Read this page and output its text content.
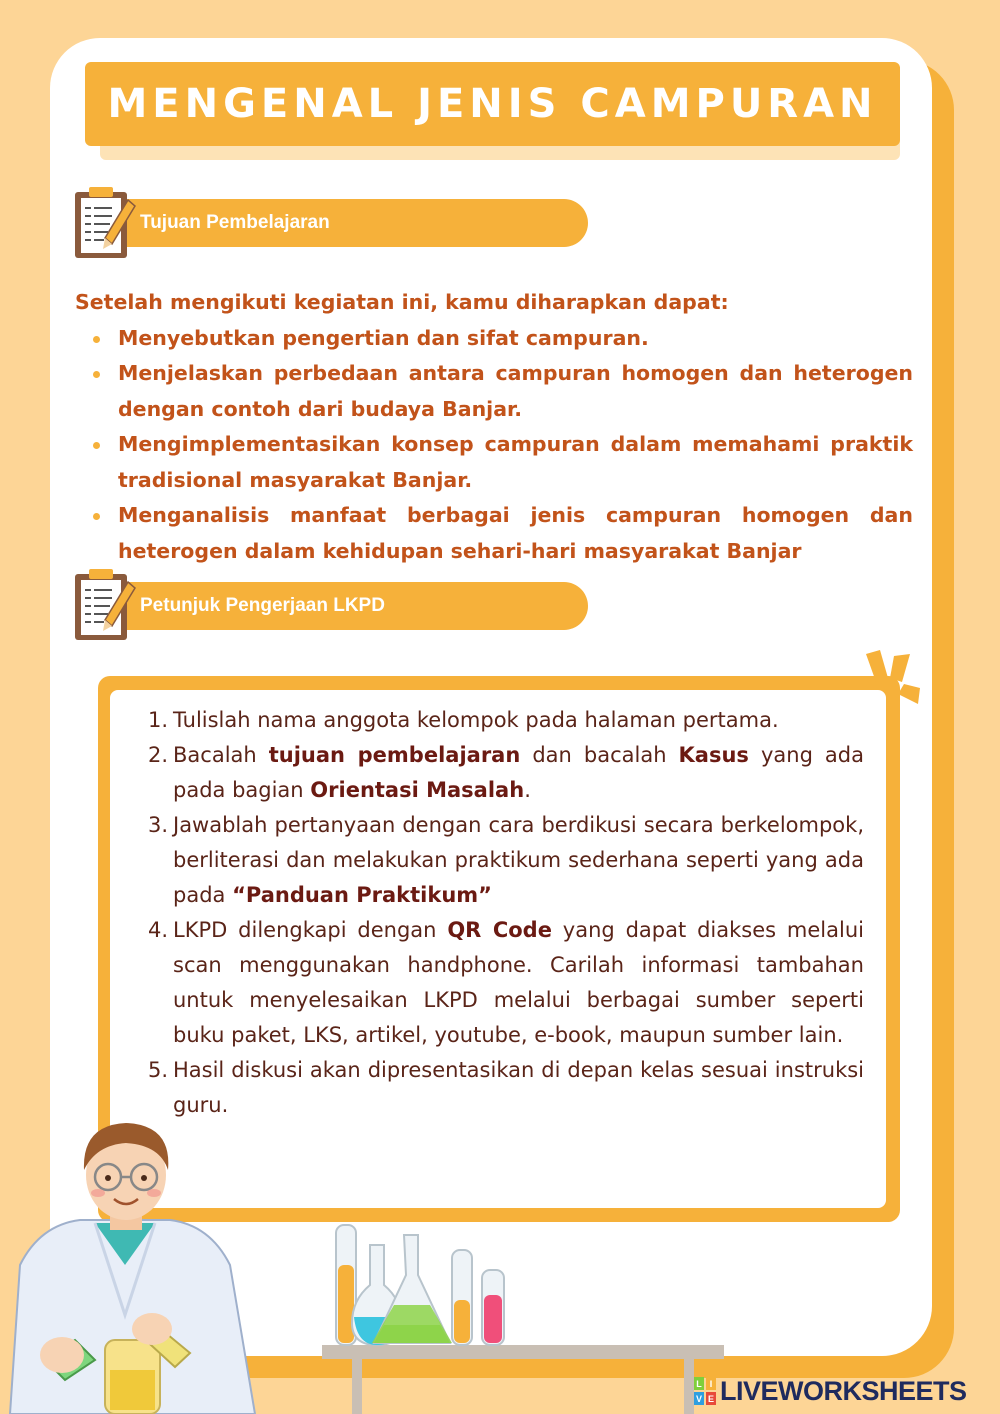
MENGENAL JENIS CAMPURAN
Tujuan Pembelajaran

Setelah mengikuti kegiatan ini, kamu diharapkan dapat:

Menyebutkan pengertian dan sifat campuran.
Menjelaskan perbedaan antara campuran homogen dan heterogen dengan contoh dari budaya Banjar.
Mengimplementasikan konsep campuran dalam memahami praktik tradisional masyarakat Banjar.
Menganalisis manfaat berbagai jenis campuran homogen dan heterogen dalam kehidupan sehari-hari masyarakat Banjar
Petunjuk Pengerjaan LKPD
1. Tulislah nama anggota kelompok pada halaman pertama.
2. Bacalah tujuan pembelajaran dan bacalah Kasus yang ada pada bagian Orientasi Masalah.
3. Jawablah pertanyaan dengan cara berdikusi secara berkelompok, berliterasi dan melakukan praktikum sederhana seperti yang ada pada “Panduan Praktikum”
4. LKPD dilengkapi dengan QR Code yang dapat diakses melalui scan menggunakan handphone. Carilah informasi tambahan untuk menyelesaikan LKPD melalui berbagai sumber seperti buku paket, LKS, artikel, youtube, e-book, maupun sumber lain.
5. Hasil diskusi akan dipresentasikan di depan kelas sesuai instruksi guru.
L I
V E LIVEWORKSHEETS
